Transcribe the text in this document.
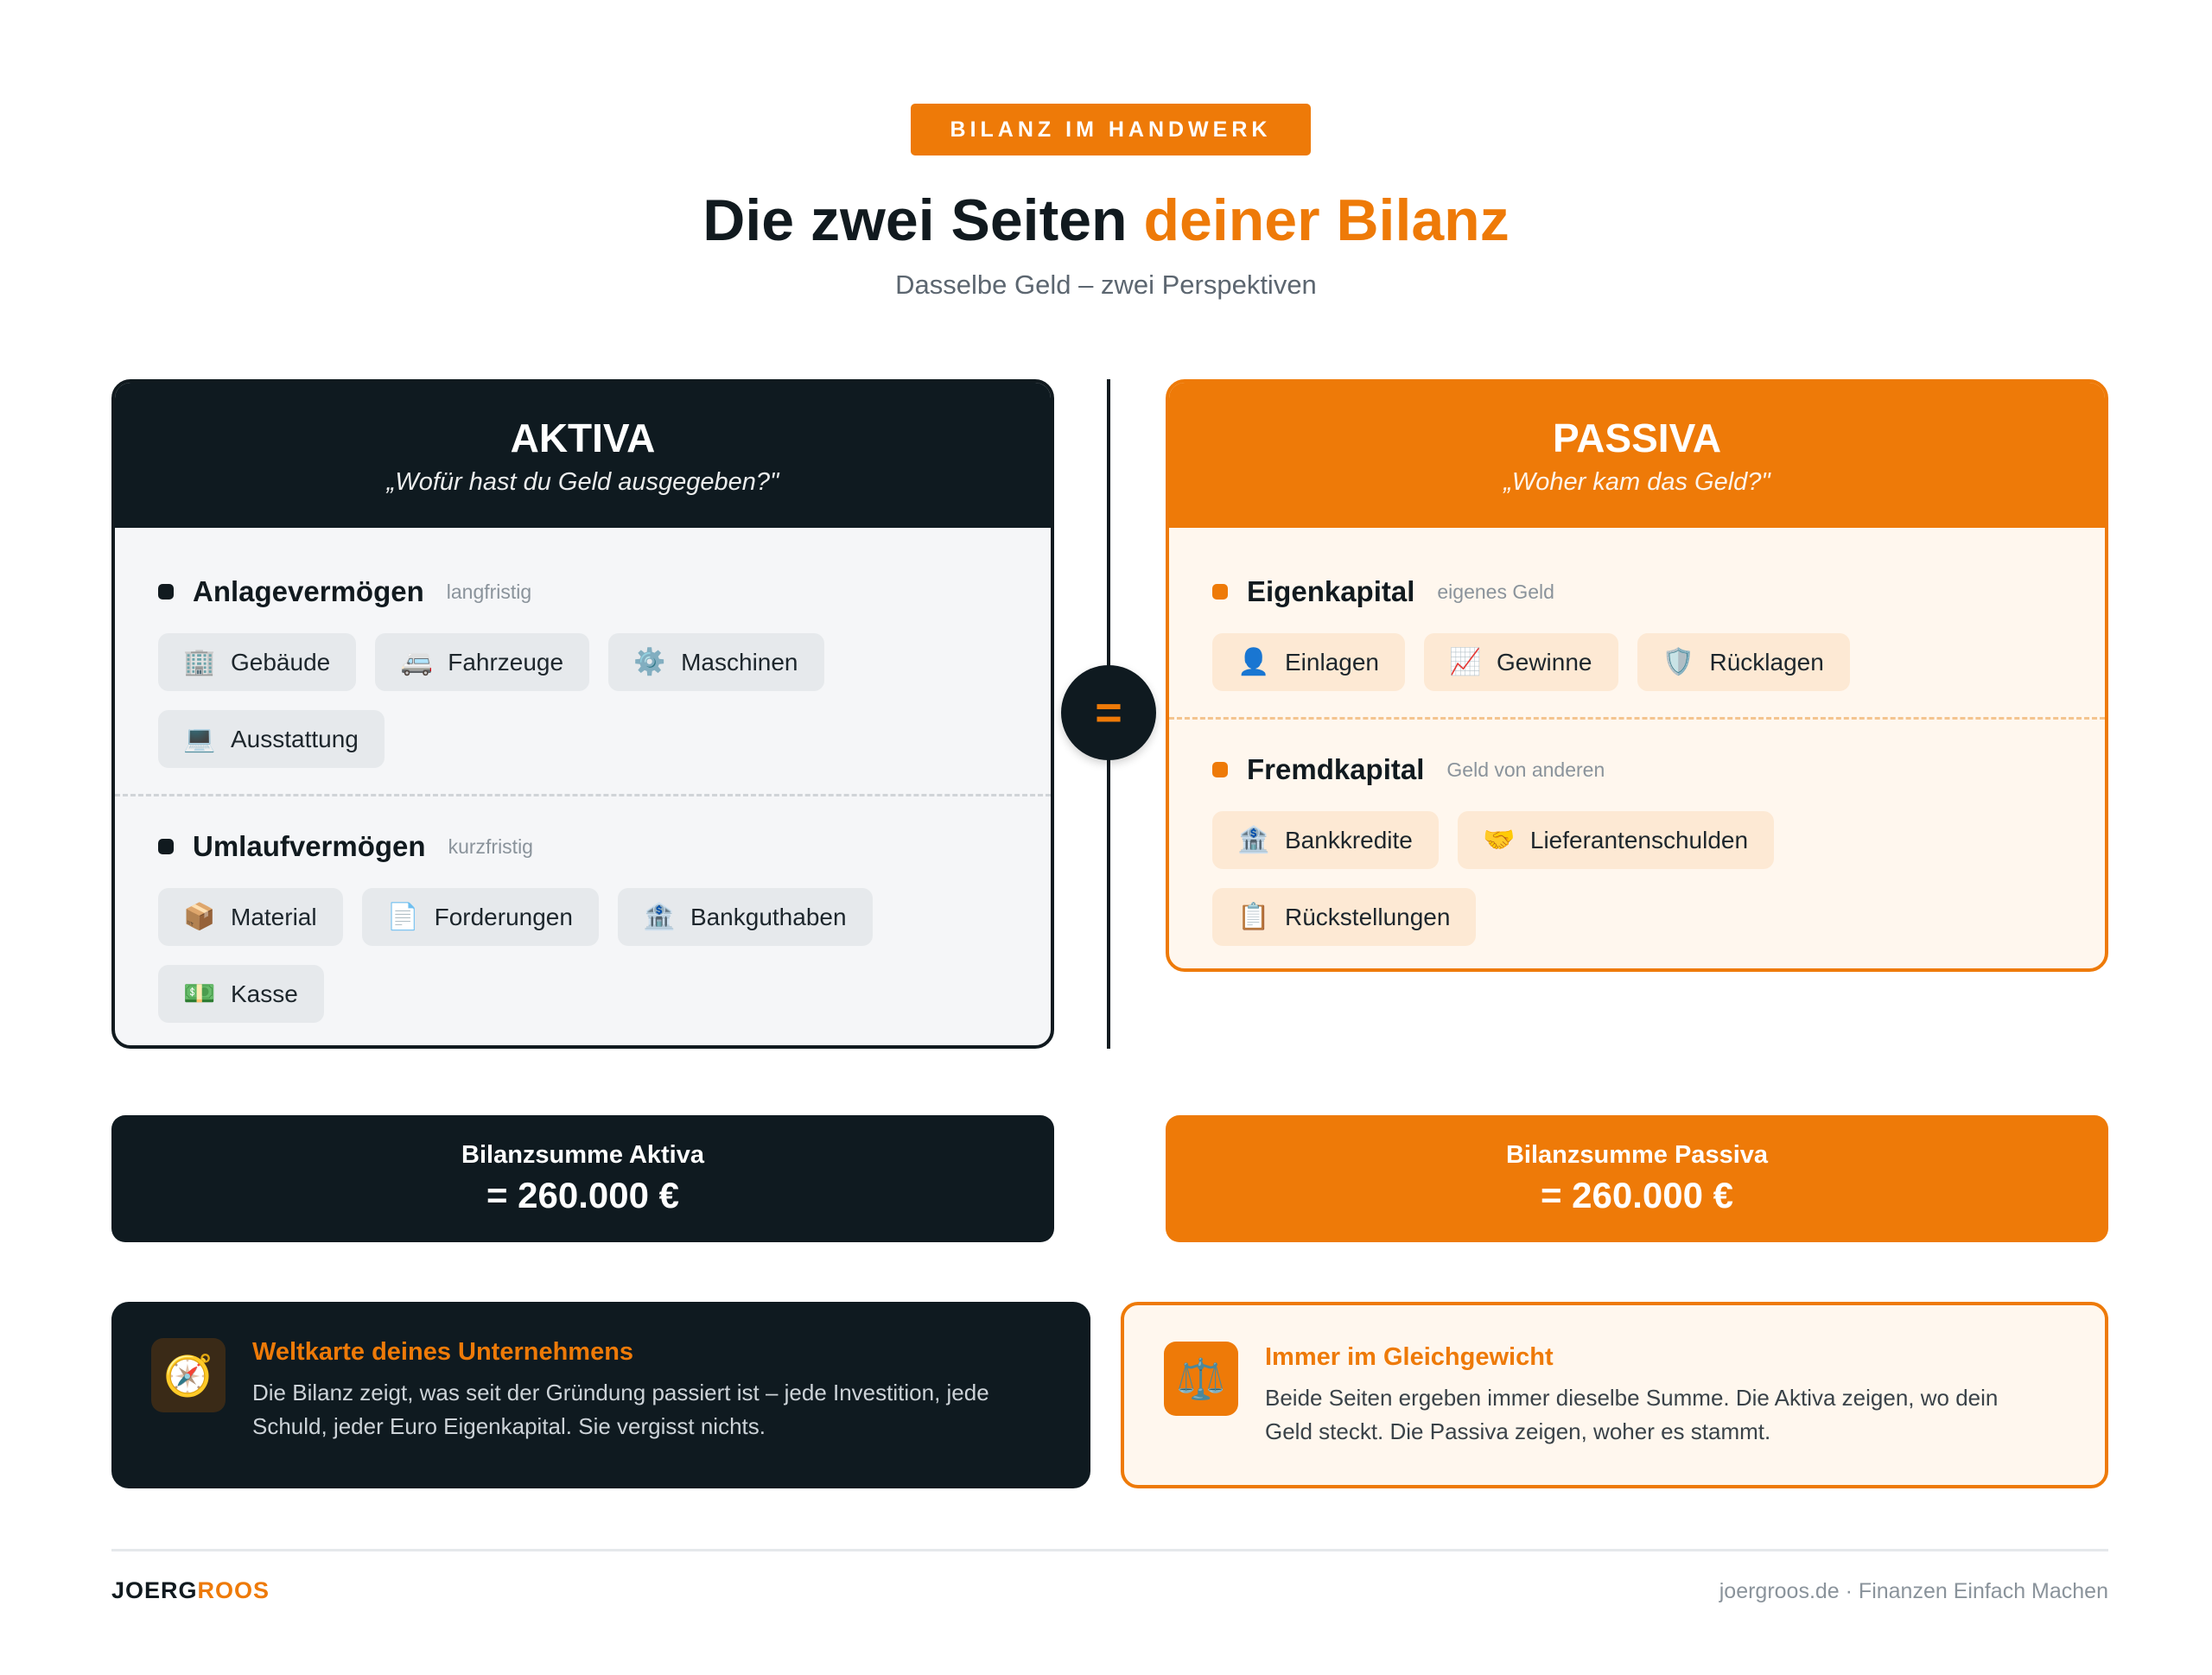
BILANZ IM HANDWERK
Die zwei Seiten deiner Bilanz
Dasselbe Geld – zwei Perspektiven
AKTIVA
„Wofür hast du Geld ausgegeben?"
Anlagevermögen langfristig
🏢 Gebäude	🚐 Fahrzeuge	⚙️ Maschinen
💻 Ausstattung
Umlaufvermögen kurzfristig
📦 Material	📄 Forderungen	🏦 Bankguthaben
💵 Kasse
PASSIVA
„Woher kam das Geld?"
Eigenkapital eigenes Geld
👤 Einlagen	📈 Gewinne	🛡️ Rücklagen
Fremdkapital Geld von anderen
🏦 Bankkredite	🤝 Lieferantenschulden
📋 Rückstellungen
=
Bilanzsumme Aktiva
= 260.000 €
Bilanzsumme Passiva
= 260.000 €
🧭
Weltkarte deines Unternehmens
Die Bilanz zeigt, was seit der Gründung passiert ist – jede Investition, jede Schuld, jeder Euro Eigenkapital. Sie vergisst nichts.
⚖️	Immer im Gleichgewicht
Beide Seiten ergeben immer dieselbe Summe. Die Aktiva zeigen, wo dein Geld steckt. Die Passiva zeigen, woher es stammt.
JOERGROOS	joergroos.de · Finanzen Einfach Machen
